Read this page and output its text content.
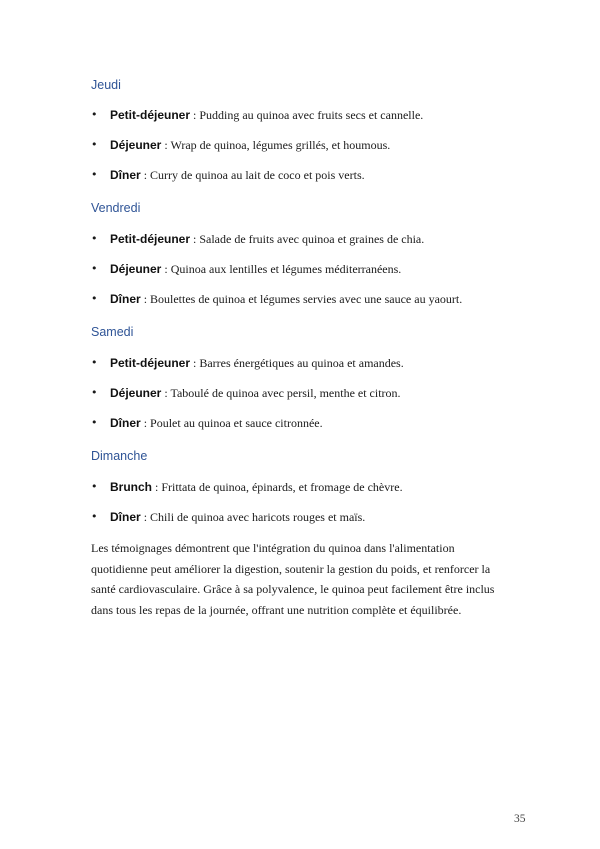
Jeudi
• Petit-déjeuner : Pudding au quinoa avec fruits secs et cannelle.
• Déjeuner : Wrap de quinoa, légumes grillés, et houmous.
• Dîner : Curry de quinoa au lait de coco et pois verts.
Vendredi
• Petit-déjeuner : Salade de fruits avec quinoa et graines de chia.
• Déjeuner : Quinoa aux lentilles et légumes méditerranéens.
• Dîner : Boulettes de quinoa et légumes servies avec une sauce au yaourt.
Samedi
• Petit-déjeuner : Barres énergétiques au quinoa et amandes.
• Déjeuner : Taboulé de quinoa avec persil, menthe et citron.
• Dîner : Poulet au quinoa et sauce citronnée.
Dimanche
• Brunch : Frittata de quinoa, épinards, et fromage de chèvre.
• Dîner : Chili de quinoa avec haricots rouges et maïs.

Les témoignages démontrent que l'intégration du quinoa dans l'alimentation
quotidienne peut améliorer la digestion, soutenir la gestion du poids, et renforcer la
santé cardiovasculaire. Grâce à sa polyvalence, le quinoa peut facilement être inclus
dans tous les repas de la journée, offrant une nutrition complète et équilibrée.

35
